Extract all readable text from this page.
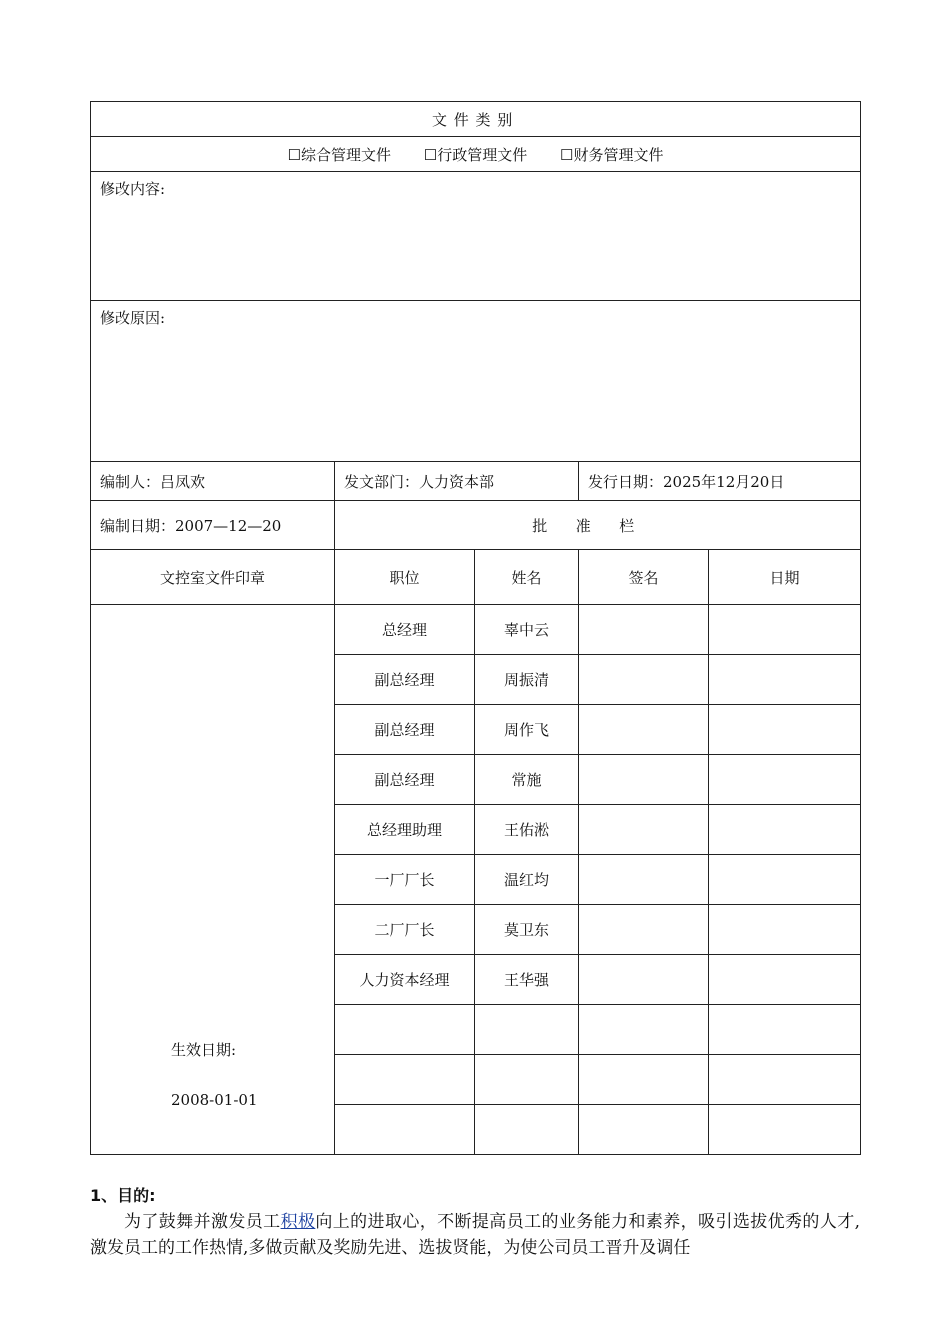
文件类别				
☐综合管理文件 ☐行政管理文件 ☐财务管理文件				
修改内容:				
修改原因:				
编制人：吕凤欢	发文部门：人力资本部		发行日期：2025年12月20日	
编制日期：2007—12—20	批准栏			
文控室文件印章	职位	姓名	签名	日期

生效日期:
2008-01-01	总经理	辜中云		
	副总经理	周振清		
	副总经理	周作飞		
	副总经理	常施		
	总经理助理	王佑淞		
	一厂厂长	温红均		
	二厂厂长	莫卫东		
	人力资本经理	王华强		

1、目的:

为了鼓舞并激发员工积极向上的进取心，不断提高员工的业务能力和素养，吸引选拔优秀的人才,激发员工的工作热情,多做贡献及奖励先进、选拔贤能，为使公司员工晋升及调任
